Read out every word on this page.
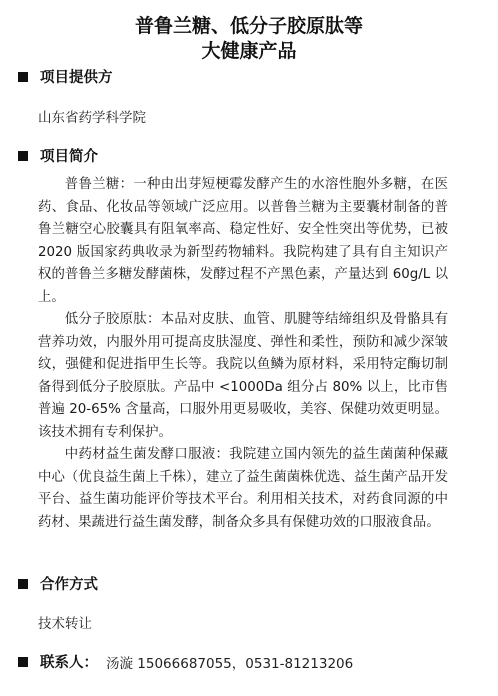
普鲁兰糖、低分子胶原肽等
大健康产品
项目提供方
山东省药学科学院
项目简介

普鲁兰糖：一种由出芽短梗霉发酵产生的水溶性胞外多糖，在医药、食品、化妆品等领域广泛应用。以普鲁兰糖为主要囊材制备的普鲁兰糖空心胶囊具有阻氧率高、稳定性好、安全性突出等优势，已被 2020 版国家药典收录为新型药物辅料。我院构建了具有自主知识产权的普鲁兰多糖发酵菌株，发酵过程不产黑色素，产量达到 60g/L 以上。

低分子胶原肽：本品对皮肤、血管、肌腱等结缔组织及骨骼具有营养功效，内服外用可提高皮肤湿度、弹性和柔性，预防和减少深皱纹，强健和促进指甲生长等。我院以鱼鳞为原材料，采用特定酶切制备得到低分子胶原肽。产品中 <1000Da 组分占 80% 以上，比市售普遍 20-65% 含量高，口服外用更易吸收，美容、保健功效更明显。该技术拥有专利保护。

中药材益生菌发酵口服液：我院建立国内领先的益生菌菌种保藏中心（优良益生菌上千株），建立了益生菌菌株优选、益生菌产品开发平台、益生菌功能评价等技术平台。利用相关技术，对药食同源的中药材、果蔬进行益生菌发酵，制备众多具有保健功效的口服液食品。

合作方式
技术转让
联系人： 汤漩 15066687055，0531-81213206
